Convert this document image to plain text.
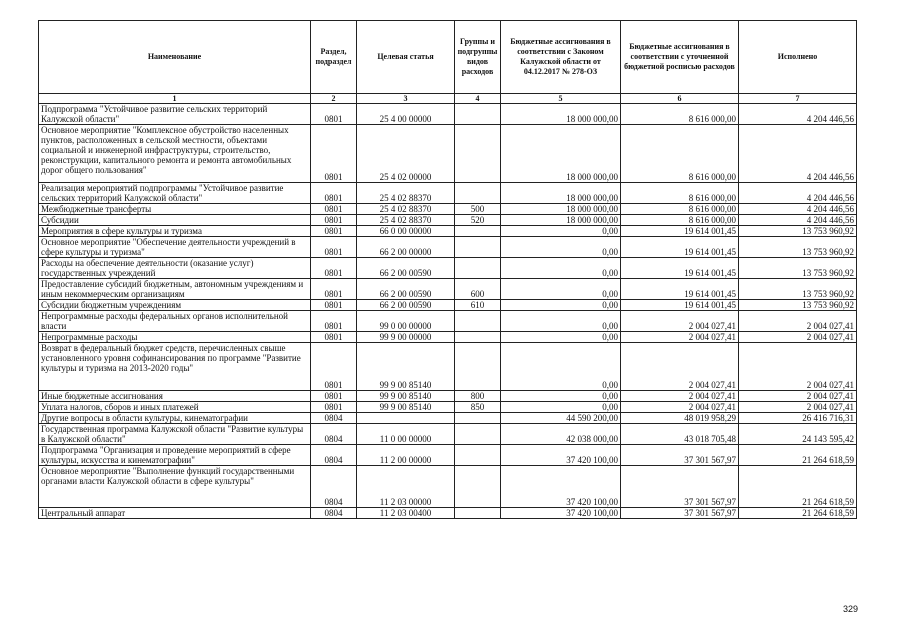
Наименование	Раздел, подраздел	Целевая статья	Группы и подгруппы видов расходов	Бюджетные ассигнования в соответствии с Законом Калужской области от 04.12.2017 № 278-ОЗ	Бюджетные ассигнования в соответствии с уточненной бюджетной росписью расходов	Исполнено
1	2	3	4	5	6	7
Подпрограмма "Устойчивое развитие сельских территорий Калужской области"	0801	25 4 00 00000		18 000 000,00	8 616 000,00	4 204 446,56
Основное мероприятие "Комплексное обустройство населенных пунктов, расположенных в сельской местности, объектами социальной и инженерной инфраструктуры, строительство, реконструкции, капитального ремонта и ремонта автомобильных дорог общего пользования"	0801	25 4 02 00000		18 000 000,00	8 616 000,00	4 204 446,56
Реализация мероприятий подпрограммы "Устойчивое развитие сельских территорий Калужской области"	0801	25 4 02 88370		18 000 000,00	8 616 000,00	4 204 446,56
Межбюджетные трансферты	0801	25 4 02 88370	500	18 000 000,00	8 616 000,00	4 204 446,56
Субсидии	0801	25 4 02 88370	520	18 000 000,00	8 616 000,00	4 204 446,56
Мероприятия в сфере культуры и туризма	0801	66 0 00 00000		0,00	19 614 001,45	13 753 960,92
Основное мероприятие "Обеспечение деятельности учреждений в сфере культуры и туризма"	0801	66 2 00 00000		0,00	19 614 001,45	13 753 960,92
Расходы на обеспечение деятельности (оказание услуг) государственных учреждений	0801	66 2 00 00590		0,00	19 614 001,45	13 753 960,92
Предоставление субсидий бюджетным, автономным учреждениям и иным некоммерческим организациям	0801	66 2 00 00590	600	0,00	19 614 001,45	13 753 960,92
Субсидии бюджетным учреждениям	0801	66 2 00 00590	610	0,00	19 614 001,45	13 753 960,92
Непрограммные расходы федеральных органов исполнительной власти	0801	99 0 00 00000		0,00	2 004 027,41	2 004 027,41
Непрограммные расходы	0801	99 9 00 00000		0,00	2 004 027,41	2 004 027,41
Возврат в федеральный бюджет средств, перечисленных свыше установленного уровня софинансирования по программе "Развитие культуры и туризма на 2013-2020 годы"	0801	99 9 00 85140		0,00	2 004 027,41	2 004 027,41
Иные бюджетные ассигнования	0801	99 9 00 85140	800	0,00	2 004 027,41	2 004 027,41
Уплата налогов, сборов и иных платежей	0801	99 9 00 85140	850	0,00	2 004 027,41	2 004 027,41
Другие вопросы в области культуры, кинематографии	0804			44 590 200,00	48 019 958,29	26 416 716,31
Государственная программа Калужской области "Развитие культуры в Калужской области"	0804	11 0 00 00000		42 038 000,00	43 018 705,48	24 143 595,42
Подпрограмма "Организация и проведение мероприятий в сфере культуры, искусства и кинематографии"	0804	11 2 00 00000		37 420 100,00	37 301 567,97	21 264 618,59
Основное мероприятие "Выполнение функций государственными органами власти Калужской области в сфере культуры"	0804	11 2 03 00000		37 420 100,00	37 301 567,97	21 264 618,59
Центральный аппарат	0804	11 2 03 00400		37 420 100,00	37 301 567,97	21 264 618,59
329
